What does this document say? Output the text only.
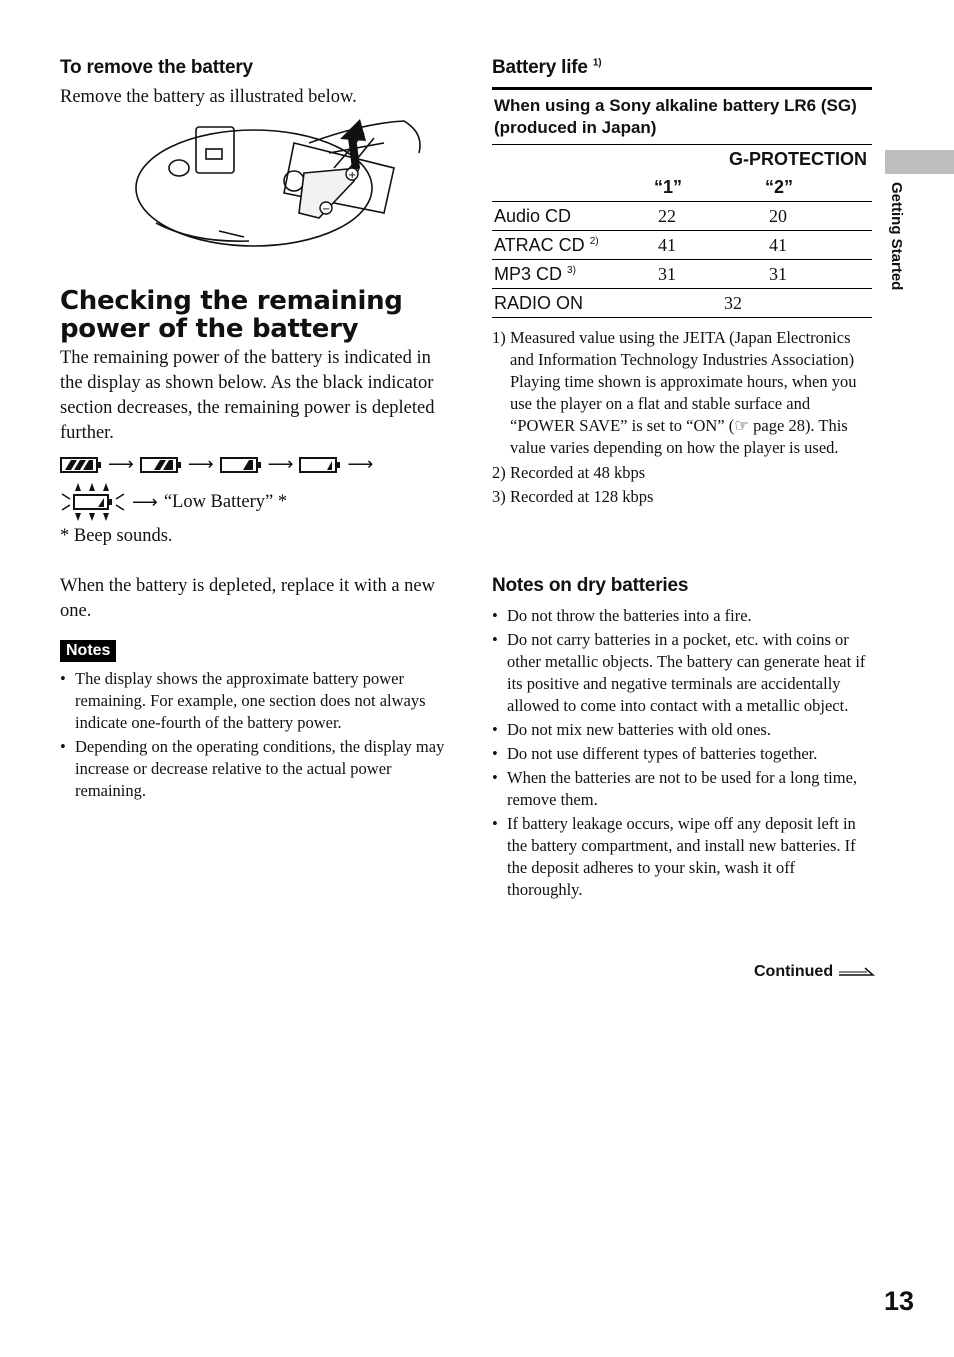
To remove the battery
Remove the battery as illustrated below.
+
−
Checking the remaining power of the battery
The remaining power of the battery is indicated in the display as shown below. As the black indicator section decreases, the remaining power is depleted further.
⟶	⟶	⟶	⟶
⟶ “Low Battery” *
* Beep sounds.
When the battery is depleted, replace it with a new one.
Notes
• The display shows the approximate battery power remaining. For example, one section does not always indicate one-fourth of the battery power.
• Depending on the operating conditions, the display may increase or decrease relative to the actual power remaining.
Battery life $^{1)}$
When using a Sony alkaline battery LR6 (SG) (produced in Japan)		
	G-PROTECTION	
	“1”	“2”
Audio CD	22	20
ATRAC CD $^{2)}$	41	41
MP3 CD $^{3)}$	31	31
RADIO ON	32	
1) Measured value using the JEITA (Japan Electronics and Information Technology Industries Association)
Playing time shown is approximate hours, when you use the player on a flat and stable surface and “POWER SAVE” is set to “ON” (☞ page 28). This value varies depending on how the player is used.
2) Recorded at 48 kbps
3) Recorded at 128 kbps
Notes on dry batteries
• Do not throw the batteries into a fire.
• Do not carry batteries in a pocket, etc. with coins or other metallic objects. The battery can generate heat if its positive and negative terminals are accidentally allowed to come into contact with a metallic object.
• Do not mix new batteries with old ones.
• Do not use different types of batteries together.
• When the batteries are not to be used for a long time, remove them.
• If battery leakage occurs, wipe off any deposit left in the battery compartment, and install new batteries. If the deposit adheres to your skin, wash it off thoroughly.
Continued
Getting Started
13
